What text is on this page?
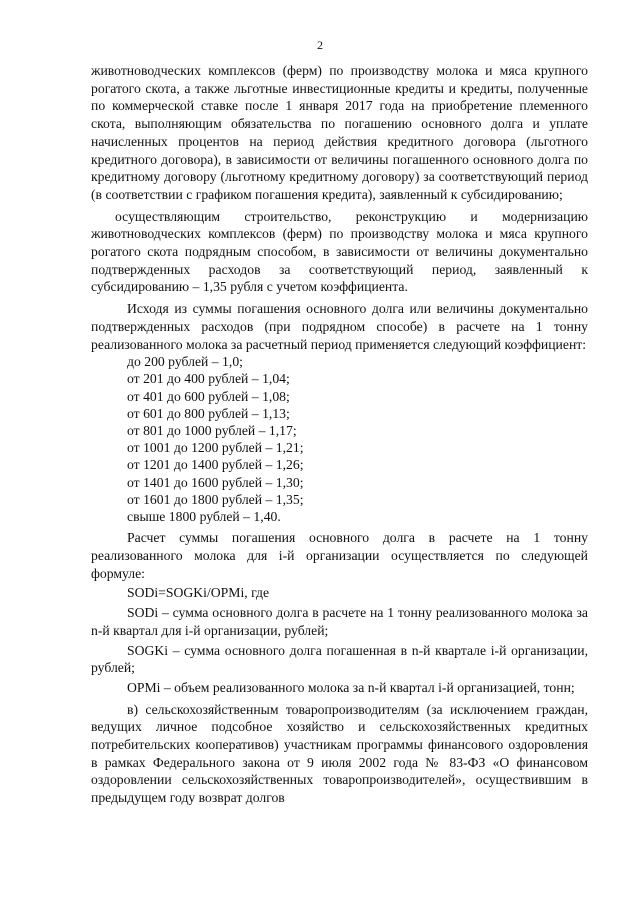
2

животноводческих комплексов (ферм) по производству молока и мяса крупного рогатого скота, а также льготные инвестиционные кредиты и кредиты, полученные по коммерческой ставке после 1 января 2017 года на приобретение племенного скота, выполняющим обязательства по погашению основного долга и уплате начисленных процентов на период действия кредитного договора (льготного кредитного договора), в зависимости от величины погашенного основного долга по кредитному договору (льготному кредитному договору) за соответствующий период (в соответствии с графиком погашения кредита), заявленный к субсидированию;

осуществляющим строительство, реконструкцию и модернизацию животноводческих комплексов (ферм) по производству молока и мяса крупного рогатого скота подрядным способом, в зависимости от величины документально подтвержденных расходов за соответствующий период, заявленный к субсидированию – 1,35 рубля с учетом коэффициента.

Исходя из суммы погашения основного долга или величины документально подтвержденных расходов (при подрядном способе) в расчете на 1 тонну реализованного молока за расчетный период применяется следующий коэффициент:

до 200 рублей – 1,0;
от 201 до 400 рублей – 1,04;
от 401 до 600 рублей – 1,08;
от 601 до 800 рублей – 1,13;
от 801 до 1000 рублей – 1,17;
от 1001 до 1200 рублей – 1,21;
от 1201 до 1400 рублей – 1,26;
от 1401 до 1600 рублей – 1,30;
от 1601 до 1800 рублей – 1,35;
свыше 1800 рублей – 1,40.

Расчет суммы погашения основного долга в расчете на 1 тонну реализованного молока для i-й организации осуществляется по следующей формуле:

SODi=SOGKi/OPMi, где

SODi – сумма основного долга в расчете на 1 тонну реализованного молока за n-й квартал для i-й организации, рублей;

SOGKi – сумма основного долга погашенная в n-й квартале i-й организации, рублей;

OPMi – объем реализованного молока за n-й квартал i-й организацией, тонн;

в) сельскохозяйственным товаропроизводителям (за исключением граждан, ведущих личное подсобное хозяйство и сельскохозяйственных кредитных потребительских кооперативов) участникам программы финансового оздоровления в рамках Федерального закона от 9 июля 2002 года № 83-ФЗ «О финансовом оздоровлении сельскохозяйственных товаропроизводителей», осуществившим в предыдущем году возврат долгов
